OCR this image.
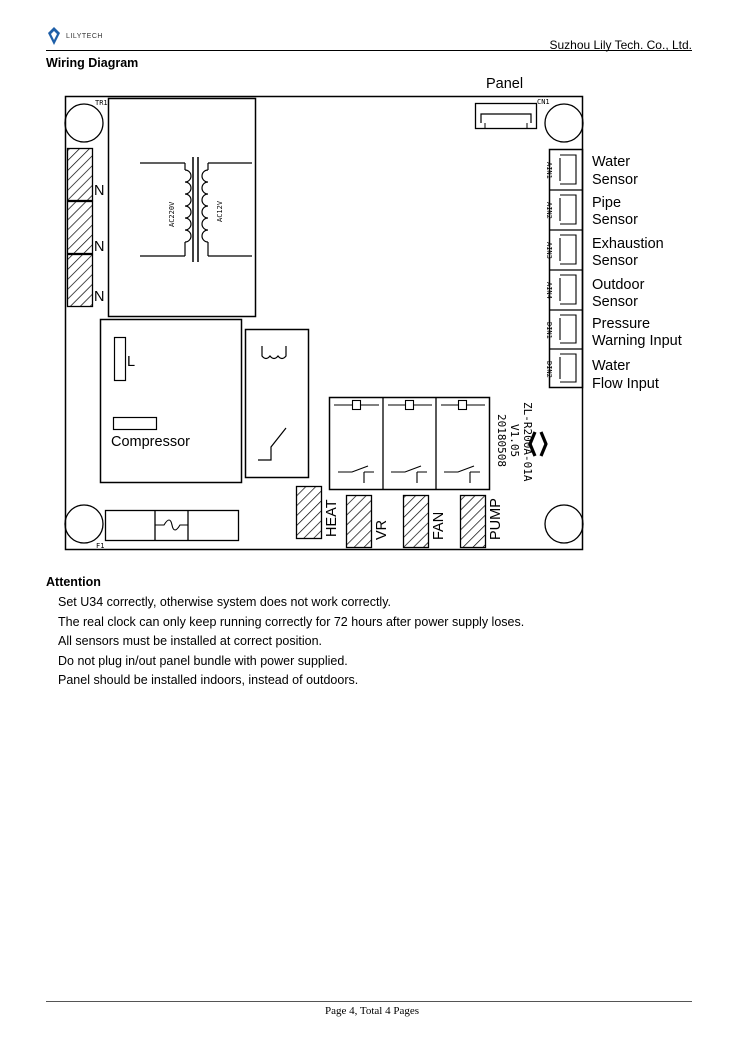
LILYTECH
Suzhou Lily Tech. Co., Ltd.
Wiring Diagram
Panel
TR1	CN1
F1
N
N
N
AC220V	AC12V
L
Compressor
AIN1
AIN2
AIN3
AIN4
DIN1
DIN2
Water
Sensor
Pipe
Sensor
Exhaustion
Sensor
Outdoor
Sensor
Pressure
Warning Input
Water
Flow Input
ZL-R200A-01A
V1.05
20180508
HEAT VR	FAN	PUMP
Attention
Set U34 correctly, otherwise system does not work correctly.
The real clock can only keep running correctly for 72 hours after power supply loses.
All sensors must be installed at correct position.
Do not plug in/out panel bundle with power supplied.
Panel should be installed indoors, instead of outdoors.
Page 4, Total 4 Pages
